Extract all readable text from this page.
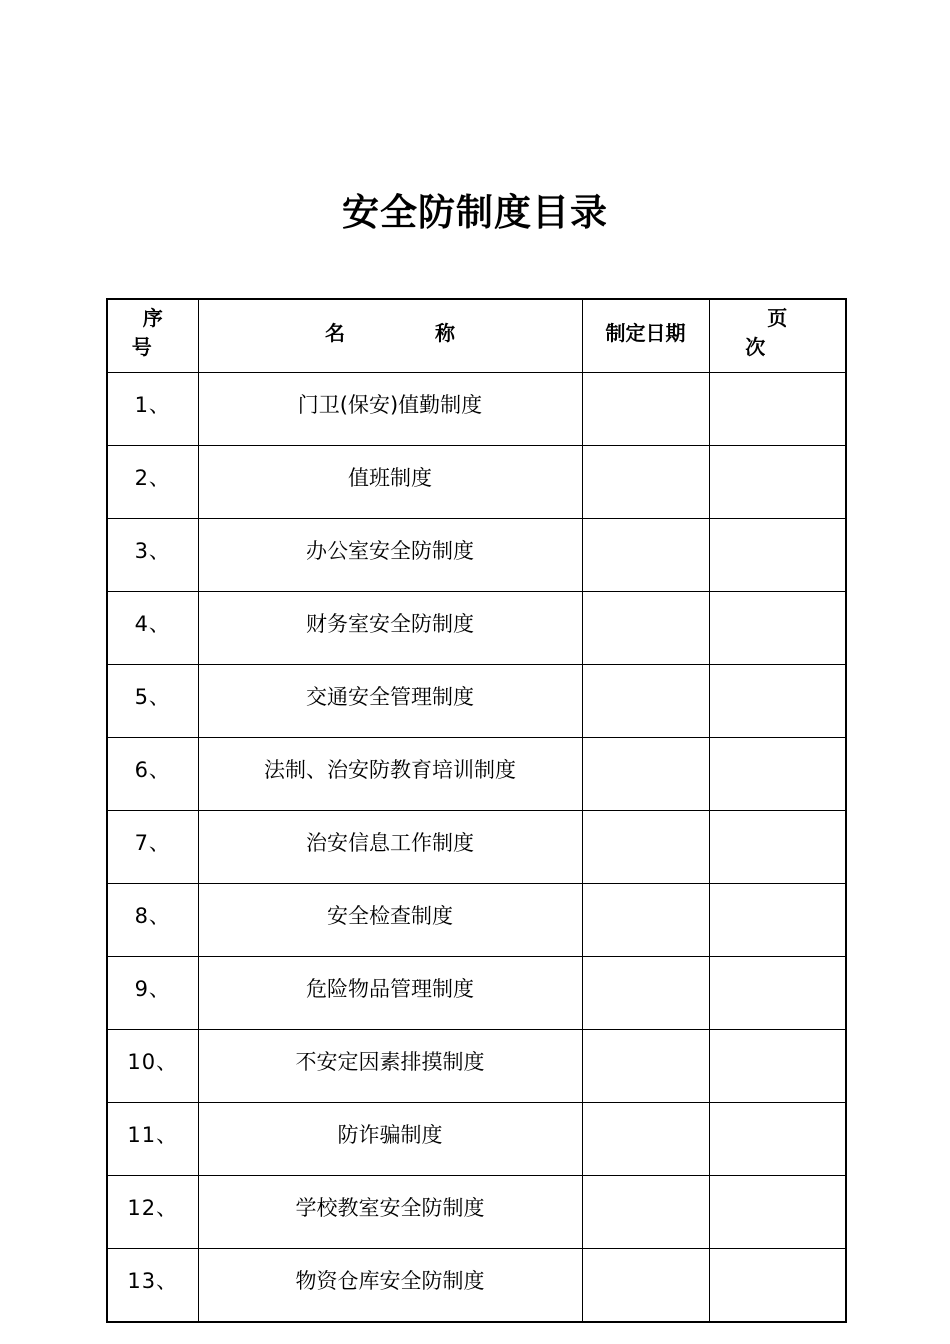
安全防制度目录
序号	名称	制定日期	页次
1、	门卫(保安)值勤制度		
2、	值班制度		
3、	办公室安全防制度		
4、	财务室安全防制度		
5、	交通安全管理制度		
6、	法制、治安防教育培训制度		
7、	治安信息工作制度		
8、	安全检查制度		
9、	危险物品管理制度		
10、	不安定因素排摸制度		
11、	防诈骗制度		
12、	学校教室安全防制度		
13、	物资仓库安全防制度		
